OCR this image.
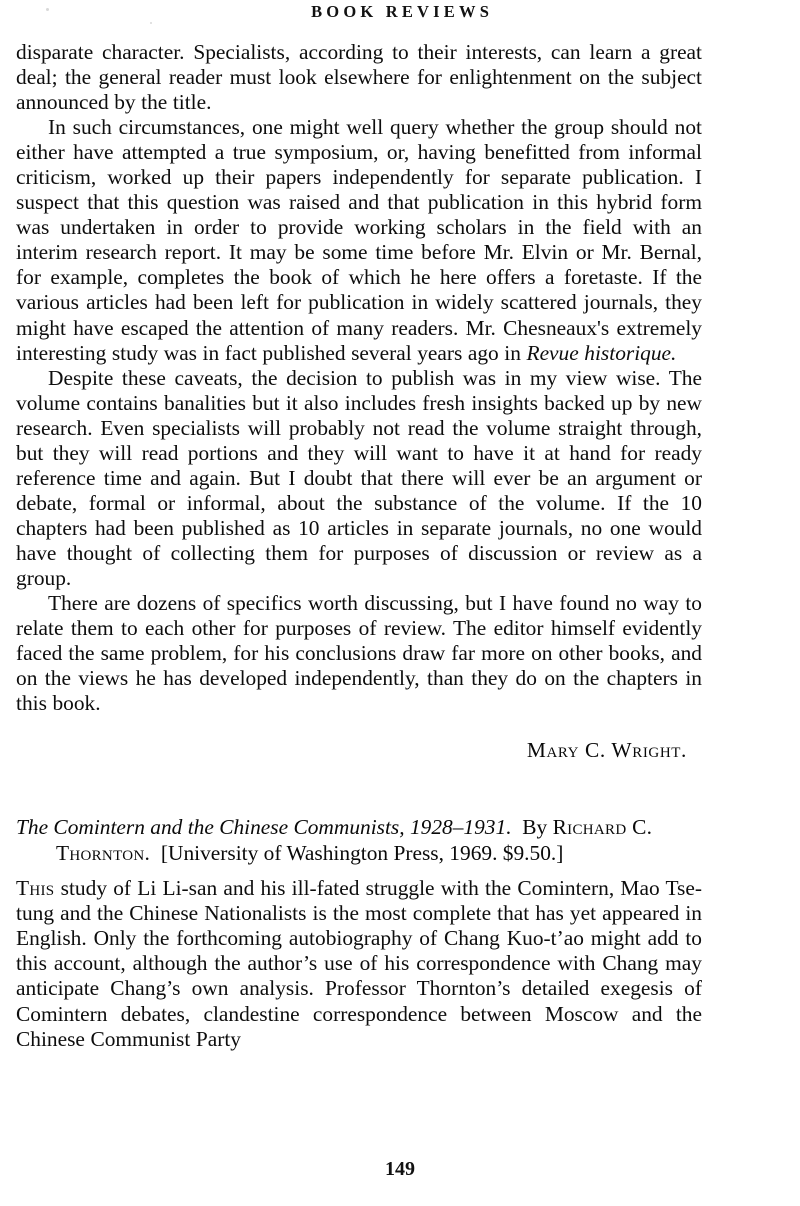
BOOK REVIEWS

disparate character. Specialists, according to their interests, can learn a great deal; the general reader must look elsewhere for enlightenment on the subject announced by the title.

In such circumstances, one might well query whether the group should not either have attempted a true symposium, or, having benefitted from informal criticism, worked up their papers independently for separate publication. I suspect that this question was raised and that publication in this hybrid form was undertaken in order to provide working scholars in the field with an interim research report. It may be some time before Mr. Elvin or Mr. Bernal, for example, completes the book of which he here offers a foretaste. If the various articles had been left for publication in widely scattered journals, they might have escaped the attention of many readers. Mr. Chesneaux's extremely interesting study was in fact published several years ago in Revue historique.

Despite these caveats, the decision to publish was in my view wise. The volume contains banalities but it also includes fresh insights backed up by new research. Even specialists will probably not read the volume straight through, but they will read portions and they will want to have it at hand for ready reference time and again. But I doubt that there will ever be an argument or debate, formal or informal, about the substance of the volume. If the 10 chapters had been published as 10 articles in separate journals, no one would have thought of collecting them for purposes of discussion or review as a group.

There are dozens of specifics worth discussing, but I have found no way to relate them to each other for purposes of review. The editor himself evidently faced the same problem, for his conclusions draw far more on other books, and on the views he has developed independently, than they do on the chapters in this book.

Mary C. Wright.

The Comintern and the Chinese Communists, 1928–1931. By Richard C. Thornton. [University of Washington Press, 1969. $9.50.]

This study of Li Li-san and his ill-fated struggle with the Comintern, Mao Tse-tung and the Chinese Nationalists is the most complete that has yet appeared in English. Only the forthcoming autobiography of Chang Kuo-t’ao might add to this account, although the author’s use of his correspondence with Chang may anticipate Chang’s own analysis. Professor Thornton’s detailed exegesis of Comintern debates, clandestine correspondence between Moscow and the Chinese Communist Party

149
